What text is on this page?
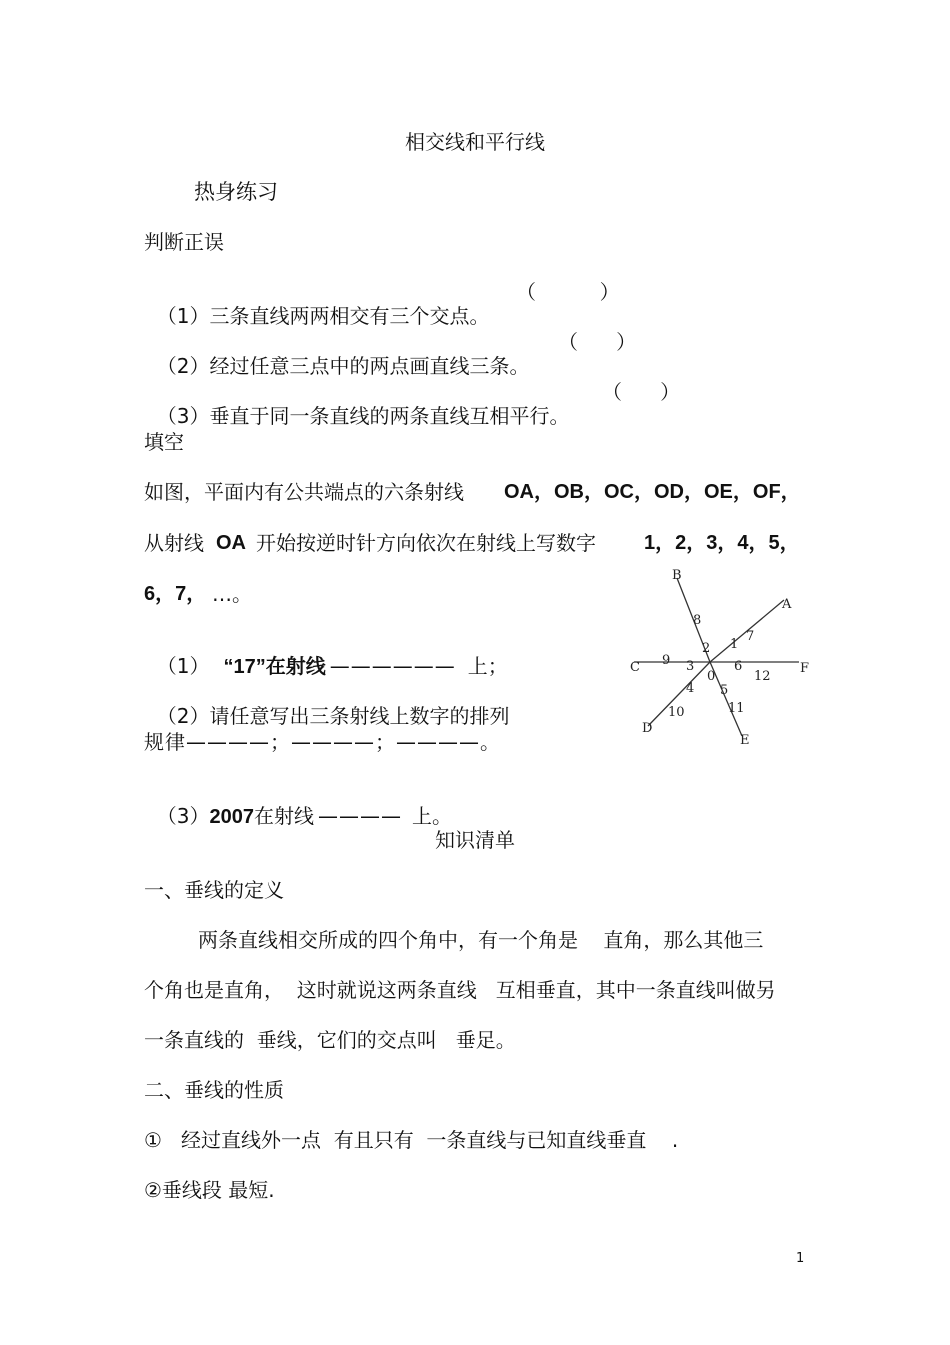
相交线和平行线
热身练习
判断正误

（1）三条直线两两相交有三个交点。

（          ）

（2）经过任意三点中的两点画直线三条。

（      ）

（3）垂直于同一条直线的两条直线互相平行。

（      ）
填空
如图，平面内有公共端点的六条射线 OA，OB，OC，OD，OE，OF，
从射线 OA 开始按逆时针方向依次在射线上写数字 1，2，3，4，5，
6，7， …。

（1） “17”在射线 —————— 上；

（2）请任意写出三条射线上数字的排列

规律————；————；————。

（3）2007在射线 ———— 上。

A
B
C
D
E
F
0
1
2
3
4 5
6
7
8
9
10	11
12
知识清单
一、垂线的定义
两条直线相交所成的四个角中，有一个角是    直角，那么其他三
个角也是直角，  这时就说这两条直线   互相垂直，其中一条直线叫做另
一条直线的  垂线，它们的交点叫   垂足。
二、垂线的性质
①   经过直线外一点  有且只有  一条直线与已知直线垂直    .
②垂线段 最短.
1
